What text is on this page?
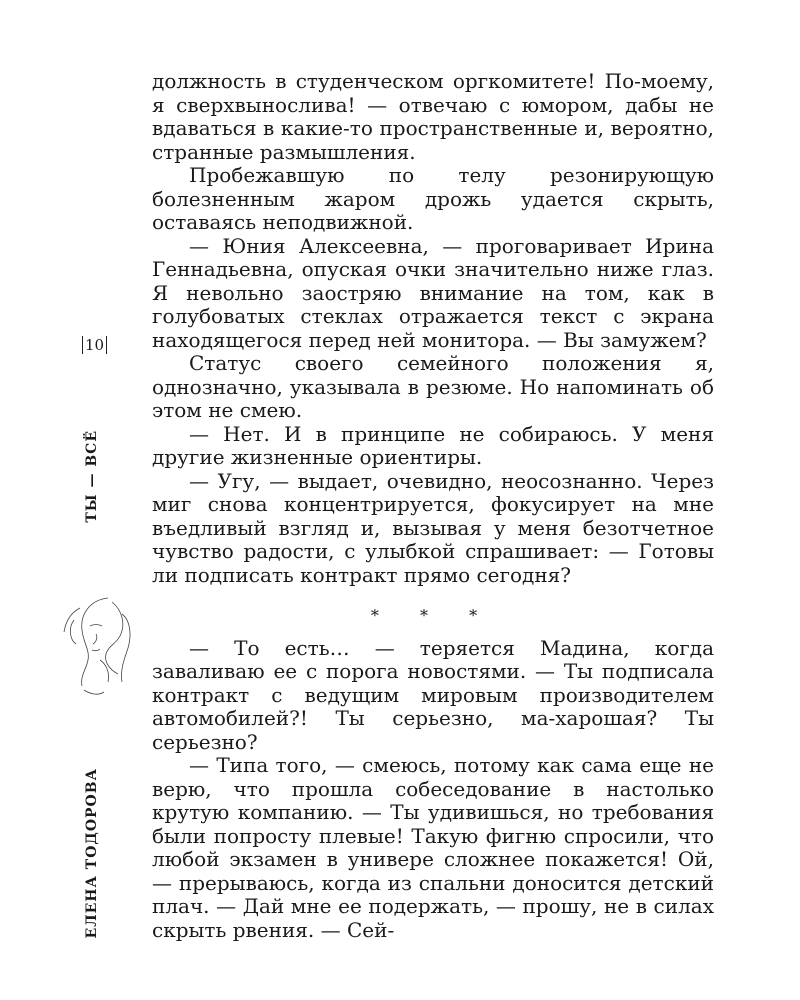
10
ТЫ — ВСЁ
ЕЛЕНА ТОДОРОВА

должность в студенческом оргкомитете! По-моему, я сверхвынослива! — отвечаю с юмором, дабы не вдаваться в какие-то пространственные и, вероятно, странные размышления.

Пробежавшую по телу резонирующую болезненным жаром дрожь удается скрыть, оставаясь неподвижной.

— Юния Алексеевна, — проговаривает Ирина Геннадьевна, опуская очки значительно ниже глаз. Я невольно заостряю внимание на том, как в голубоватых стеклах отражается текст с экрана находящегося перед ней монитора. — Вы замужем?

Статус своего семейного положения я, однозначно, указывала в резюме. Но напоминать об этом не смею.

— Нет. И в принципе не собираюсь. У меня другие жизненные ориентиры.

— Угу, — выдает, очевидно, неосознанно. Через миг снова концентрируется, фокусирует на мне въедливый взгляд и, вызывая у меня безотчетное чувство радости, с улыбкой спрашивает: — Готовы ли подписать контракт прямо сегодня?

* * *

— То есть… — теряется Мадина, когда заваливаю ее с порога новостями. — Ты подписала контракт с ведущим мировым производителем автомобилей?! Ты серьезно, ма-харошая? Ты серьезно?

— Типа того, — смеюсь, потому как сама еще не верю, что прошла собеседование в настолько крутую компанию. — Ты удивишься, но требования были попросту плевые! Такую фигню спросили, что любой экзамен в универе сложнее покажется! Ой, — прерываюсь, когда из спальни доносится детский плач. — Дай мне ее подержать, — прошу, не в силах скрыть рвения. — Сей-
